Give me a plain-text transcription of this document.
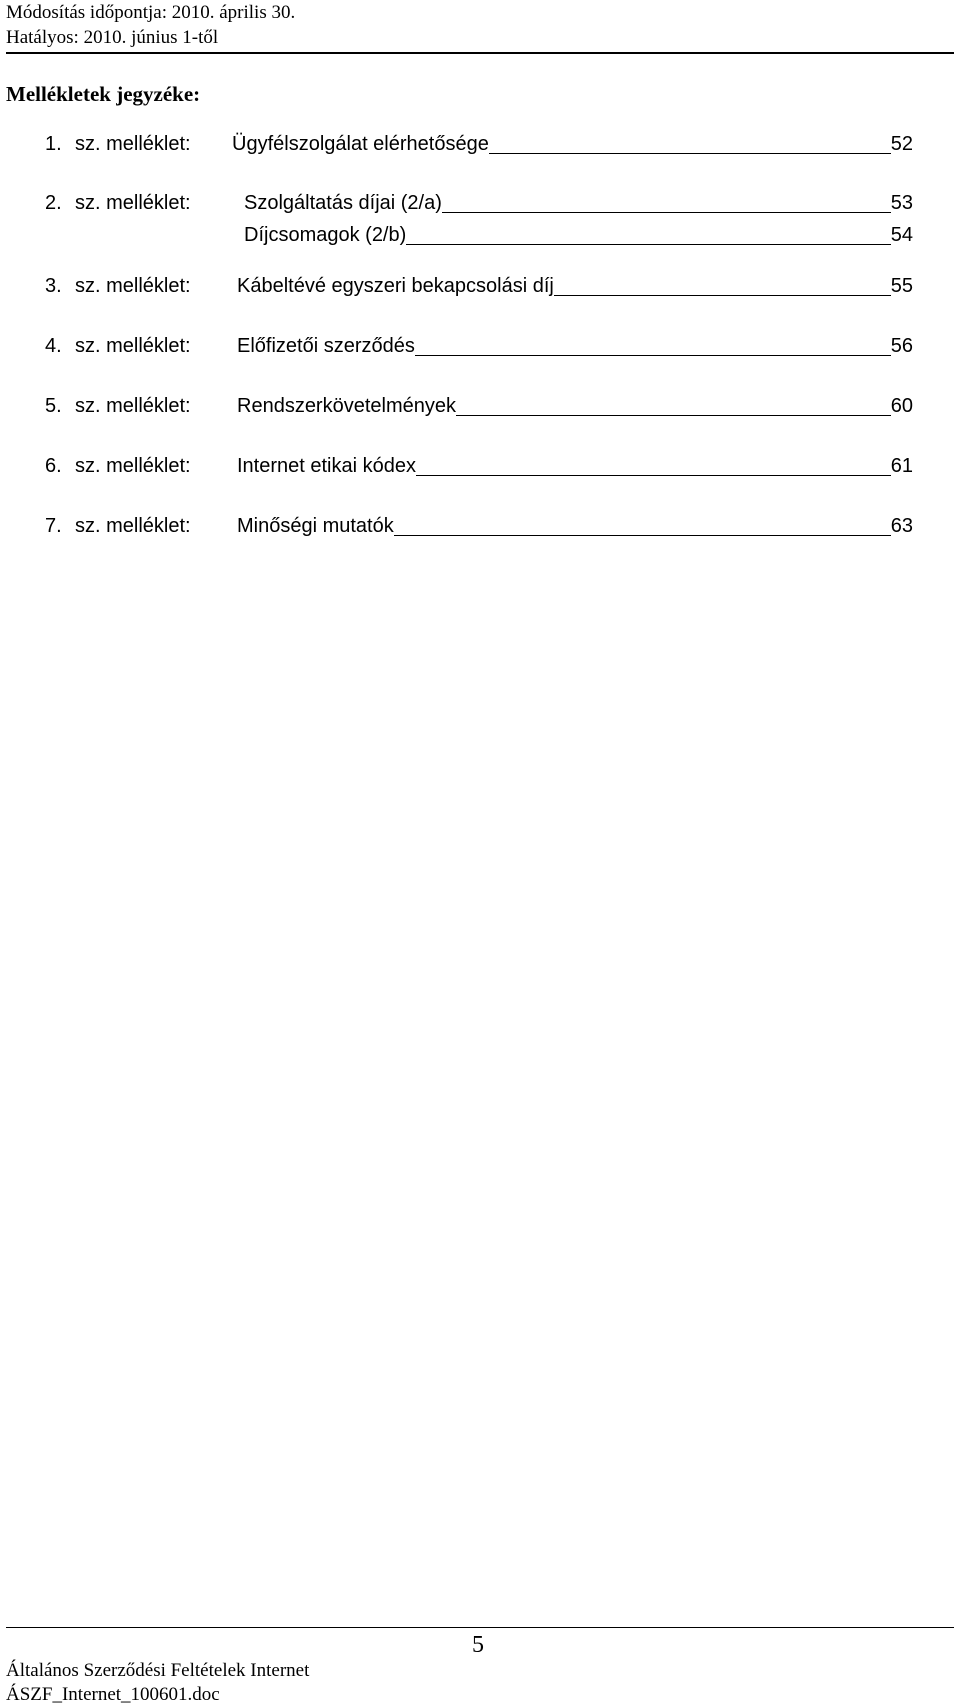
Módosítás időpontja: 2010. április 30.
Hatályos: 2010. június 1-től
Mellékletek jegyzéke:
1. sz. melléklet: Ügyfélszolgálat elérhetősége	52
2. sz. melléklet:	Szolgáltatás díjai (2/a)	53
Díjcsomagok (2/b)	54
3. sz. melléklet: Kábeltévé egyszeri bekapcsolási díj	55
4. sz. melléklet: Előfizetői szerződés	56
5. sz. melléklet: Rendszerkövetelmények	60
6. sz. melléklet: Internet etikai kódex	61
7. sz. melléklet: Minőségi mutatók	63
5
Általános Szerződési Feltételek Internet
ÁSZF_Internet_100601.doc
